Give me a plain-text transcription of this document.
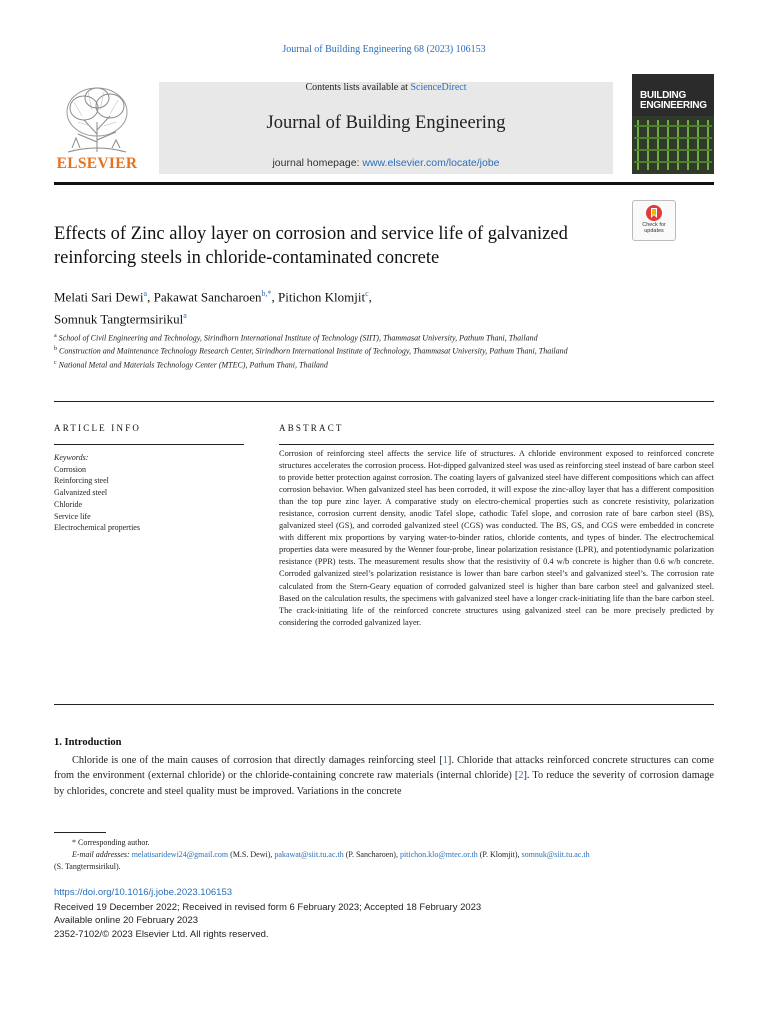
Journal of Building Engineering 68 (2023) 106153
ELSEVIER
Contents lists available at ScienceDirect
Journal of Building Engineering
journal homepage: www.elsevier.com/locate/jobe
BUILDING
ENGINEERING
Check for
updates
Effects of Zinc alloy layer on corrosion and service life of galvanized reinforcing steels in chloride-contaminated concrete
Melati Sari Dewi$^a$, Pakawat Sancharoen$^{b,*}$, Pitichon Klomjit$^c$,
Somnuk Tangtermsirikul$^a$
$^a$ School of Civil Engineering and Technology, Sirindhorn International Institute of Technology (SIIT), Thammasat University, Pathum Thani, Thailand
$^b$ Construction and Maintenance Technology Research Center, Sirindhorn International Institute of Technology, Thammasat University, Pathum Thani, Thailand
$^c$ National Metal and Materials Technology Center (MTEC), Pathum Thani, Thailand
ARTICLE INFO	ABSTRACT
Keywords:
Corrosion
Reinforcing steel
Galvanized steel
Chloride
Service life
Electrochemical properties
Corrosion of reinforcing steel affects the service life of structures. A chloride environment exposed to reinforced concrete structures accelerates the corrosion process. Hot-dipped galvanized steel was used as reinforcing steel instead of bare carbon steel to provide better protection against corrosion. The coating layers of galvanized steel have different compositions which can affect corrosion behavior. When galvanized steel has been corroded, it will expose the zinc-alloy layer that has a different composition than the top pure zinc layer. A comparative study on electro-chemical properties such as concrete resistivity, polarization resistance, corrosion current density, anodic Tafel slope, cathodic Tafel slope, and corrosion rate of bare carbon steel (BS), galvanized steel (GS), and corroded galvanized steel (CGS) was conducted. The BS, GS, and CGS were embedded in concrete with different mix proportions by varying water-to-binder ratios, chloride contents, and types of binder. The electrochemical properties data were measured by the Wenner four-probe, linear polarization resistance (LPR), and potentiodynamic polarization resistance (PPR) tests. The measurement results show that the resistivity of 0.4 w/b concrete is higher than 0.6 w/b concrete. Corroded galvanized steel’s polarization resistance is lower than bare carbon steel’s and galvanized steel’s. The corrosion rate calculated from the Stern-Geary equation of corroded galvanized steel is higher than bare carbon steel and galvanized steel. Based on the calculation results, the specimens with galvanized steel have a longer crack-initiating life than the bare carbon steel. The crack-initiating life of the reinforced concrete structures using galvanized steel can be more precisely predicted by considering the corroded galvanized layer.
1. Introduction
Chloride is one of the main causes of corrosion that directly damages reinforcing steel [1]. Chloride that attacks reinforced concrete structures can come from the environment (external chloride) or the chloride-containing concrete raw materials (internal chloride) [2]. To reduce the severity of corrosion damage by chlorides, concrete and steel quality must be improved. Variations in the concrete
* Corresponding author.
E-mail addresses: melatisaridewi24@gmail.com (M.S. Dewi), pakawat@siit.tu.ac.th (P. Sancharoen), pitichon.klo@mtec.or.th (P. Klomjit), somnuk@siit.tu.ac.th
(S. Tangtermsirikul).
https://doi.org/10.1016/j.jobe.2023.106153
Received 19 December 2022; Received in revised form 6 February 2023; Accepted 18 February 2023
Available online 20 February 2023
2352-7102/© 2023 Elsevier Ltd. All rights reserved.
